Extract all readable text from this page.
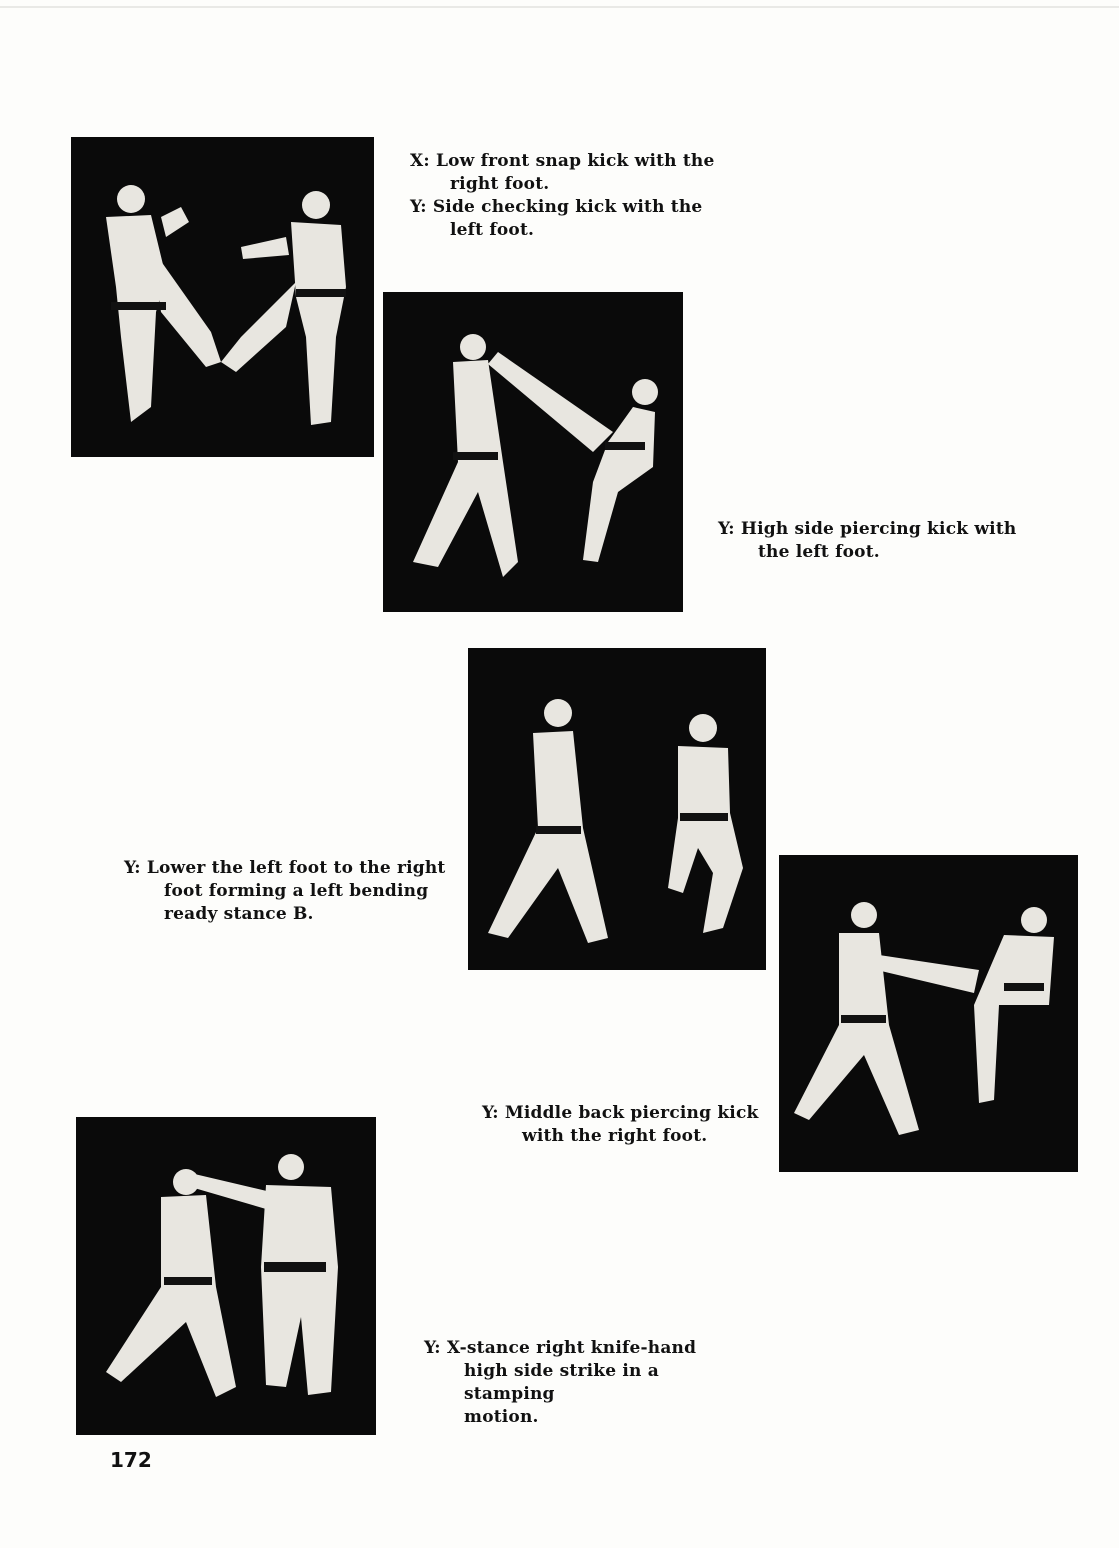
X: Low front snap kick with the
right foot.
Y: Side checking kick with the
left foot.
Y: High side piercing kick with
the left foot.
Y: Lower the left foot to the right
foot forming a left bending
ready stance B.
Y: Middle back piercing kick
with the right foot.
Y: X-stance right knife-hand
high side strike in a stamping
motion.
172
